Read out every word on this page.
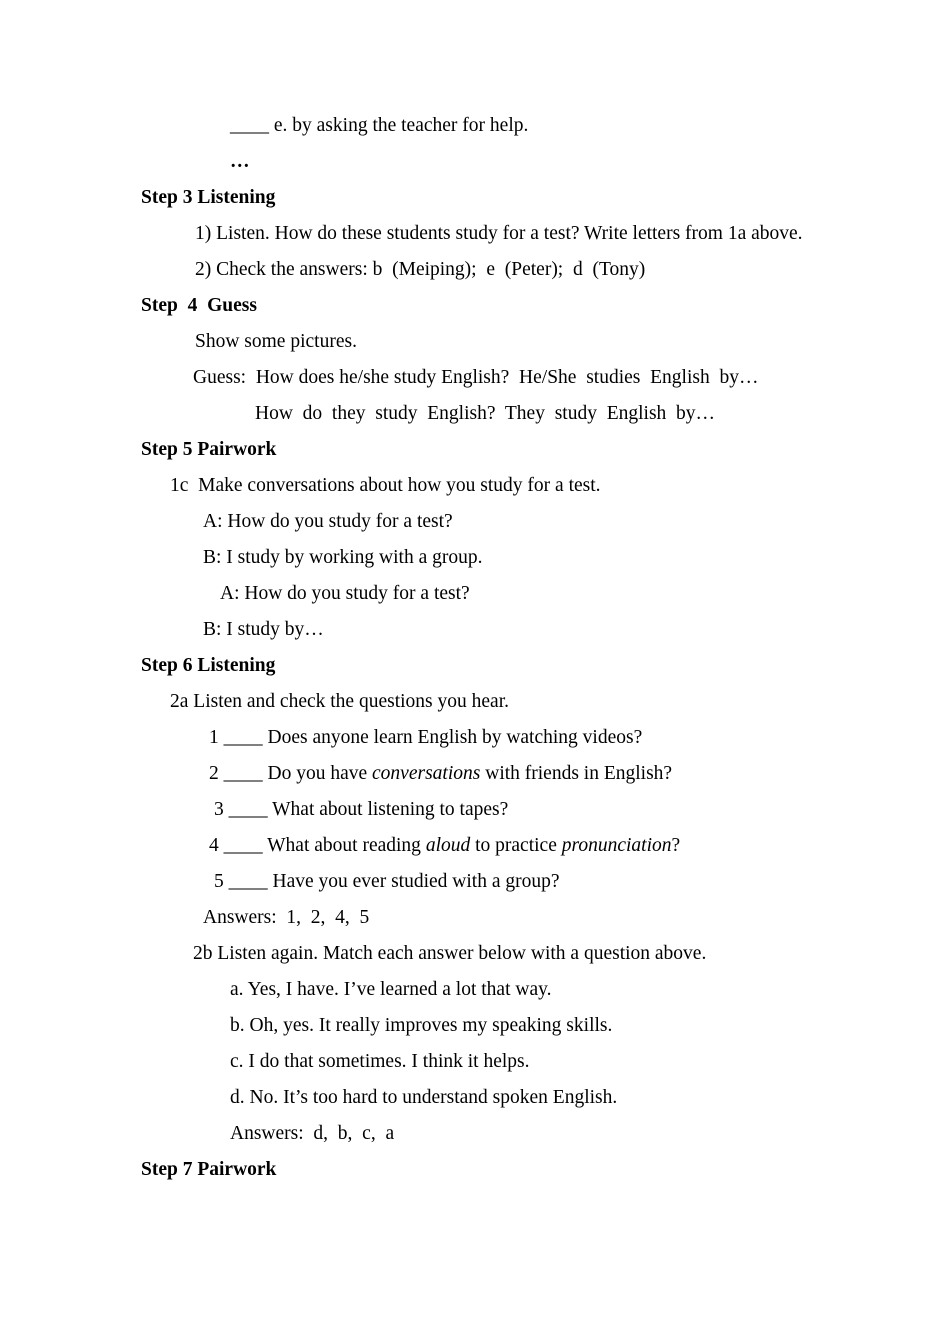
____ e. by asking the teacher for help.

…

Step 3 Listening

1) Listen. How do these students study for a test? Write letters from 1a above.

2) Check the answers: b  (Meiping);  e  (Peter);  d  (Tony)

Step  4  Guess

Show some pictures.

Guess:  How does he/she study English?  He/She  studies  English  by…

How  do  they  study  English?  They  study  English  by…

Step 5 Pairwork

1c  Make conversations about how you study for a test.

A: How do you study for a test?

B: I study by working with a group.

A: How do you study for a test?

B: I study by…

Step 6 Listening

2a Listen and check the questions you hear.

1 ____ Does anyone learn English by watching videos?

2 ____ Do you have conversations with friends in English?

3 ____ What about listening to tapes?

4 ____ What about reading aloud to practice pronunciation?

5 ____ Have you ever studied with a group?

Answers:  1,  2,  4,  5

2b Listen again. Match each answer below with a question above.

a. Yes, I have. I’ve learned a lot that way.

b. Oh, yes. It really improves my speaking skills.

c. I do that sometimes. I think it helps.

d. No. It’s too hard to understand spoken English.

Answers:  d,  b,  c,  a

Step 7 Pairwork
